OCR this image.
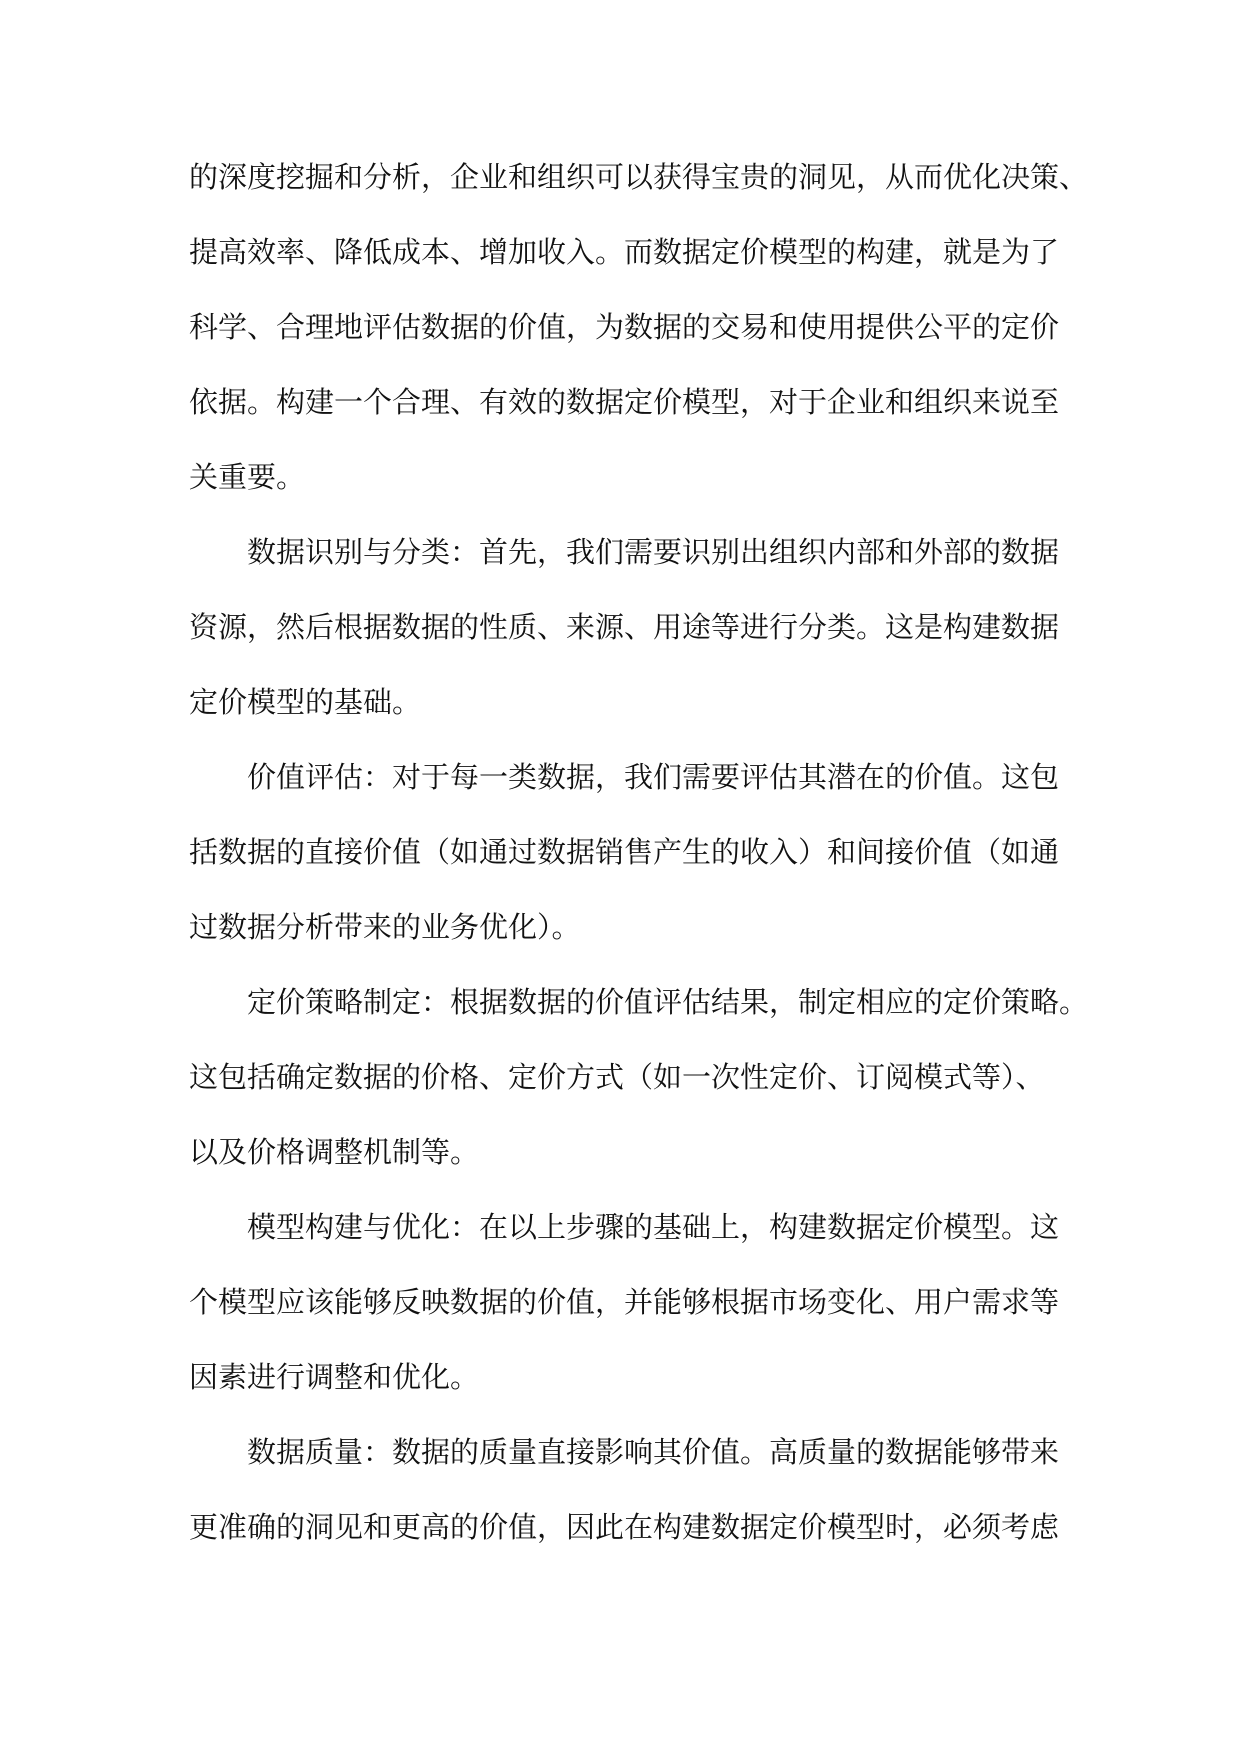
的深度挖掘和分析，企业和组织可以获得宝贵的洞见，从而优化决策、
提高效率、降低成本、增加收入。而数据定价模型的构建，就是为了
科学、合理地评估数据的价值，为数据的交易和使用提供公平的定价
依据。构建一个合理、有效的数据定价模型，对于企业和组织来说至
关重要。

数据识别与分类：首先，我们需要识别出组织内部和外部的数据
资源，然后根据数据的性质、来源、用途等进行分类。这是构建数据
定价模型的基础。

价值评估：对于每一类数据，我们需要评估其潜在的价值。这包
括数据的直接价值（如通过数据销售产生的收入）和间接价值（如通
过数据分析带来的业务优化）。

定价策略制定：根据数据的价值评估结果，制定相应的定价策略。
这包括确定数据的价格、定价方式（如一次性定价、订阅模式等）、
以及价格调整机制等。

模型构建与优化：在以上步骤的基础上，构建数据定价模型。这
个模型应该能够反映数据的价值，并能够根据市场变化、用户需求等
因素进行调整和优化。

数据质量：数据的质量直接影响其价值。高质量的数据能够带来
更准确的洞见和更高的价值，因此在构建数据定价模型时，必须考虑
